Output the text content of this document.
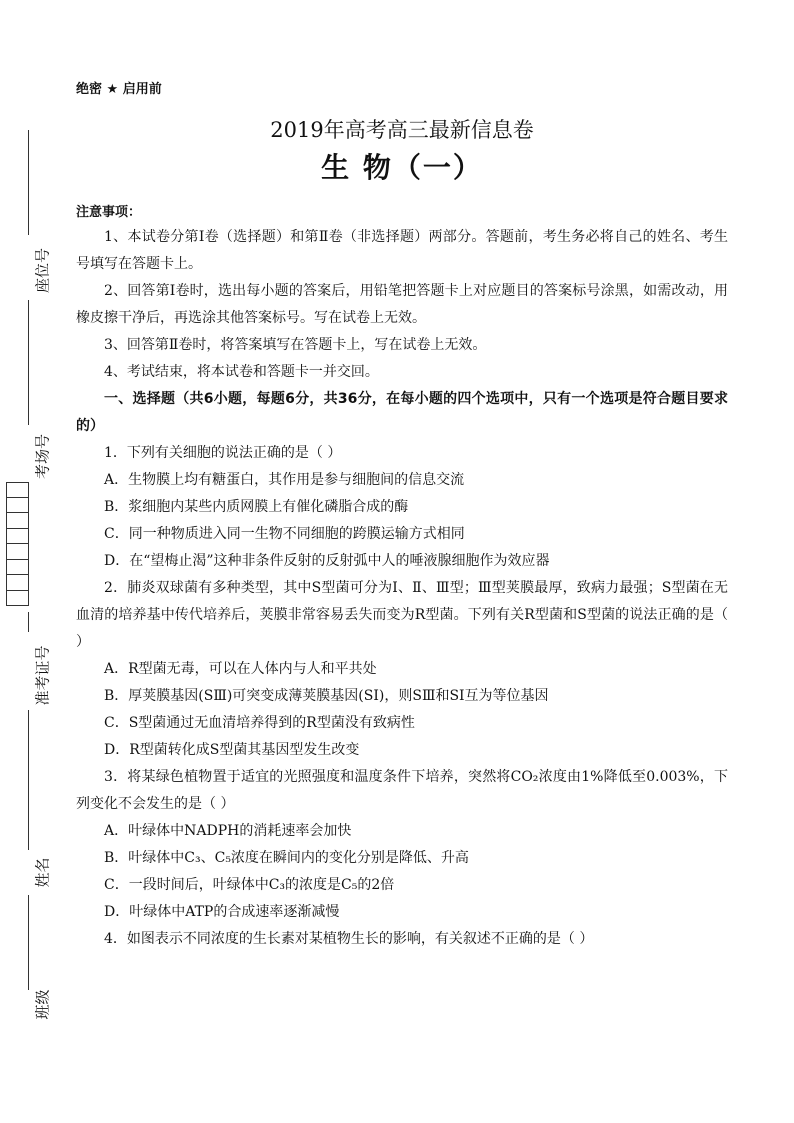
座位号
考场号
准考证号
姓名
班级
绝密 ★ 启用前
2019年高考高三最新信息卷
生 物（一）
注意事项：

1、本试卷分第Ⅰ卷（选择题）和第Ⅱ卷（非选择题）两部分。答题前，考生务必将自己的姓名、考生号填写在答题卡上。

2、回答第Ⅰ卷时，选出每小题的答案后，用铅笔把答题卡上对应题目的答案标号涂黑，如需改动，用橡皮擦干净后，再选涂其他答案标号。写在试卷上无效。

3、回答第Ⅱ卷时，将答案填写在答题卡上，写在试卷上无效。

4、考试结束，将本试卷和答题卡一并交回。

一、选择题（共6小题，每题6分，共36分，在每小题的四个选项中，只有一个选项是符合题目要求的）

1．下列有关细胞的说法正确的是（ ）

A．生物膜上均有糖蛋白，其作用是参与细胞间的信息交流

B．浆细胞内某些内质网膜上有催化磷脂合成的酶

C．同一种物质进入同一生物不同细胞的跨膜运输方式相同

D．在“望梅止渴”这种非条件反射的反射弧中人的唾液腺细胞作为效应器

2．肺炎双球菌有多种类型，其中S型菌可分为Ⅰ、Ⅱ、Ⅲ型；Ⅲ型荚膜最厚，致病力最强；S型菌在无血清的培养基中传代培养后，荚膜非常容易丢失而变为R型菌。下列有关R型菌和S型菌的说法正确的是（ ）

A．R型菌无毒，可以在人体内与人和平共处

B．厚荚膜基因(SⅢ)可突变成薄荚膜基因(SI)，则SⅢ和SI互为等位基因

C．S型菌通过无血清培养得到的R型菌没有致病性

D．R型菌转化成S型菌其基因型发生改变

3．将某绿色植物置于适宜的光照强度和温度条件下培养，突然将CO₂浓度由1%降低至0.003%，下列变化不会发生的是（ ）

A．叶绿体中NADPH的消耗速率会加快

B．叶绿体中C₃、C₅浓度在瞬间内的变化分别是降低、升高

C．一段时间后，叶绿体中C₃的浓度是C₅的2倍

D．叶绿体中ATP的合成速率逐渐减慢

4．如图表示不同浓度的生长素对某植物生长的影响，有关叙述不正确的是（ ）
